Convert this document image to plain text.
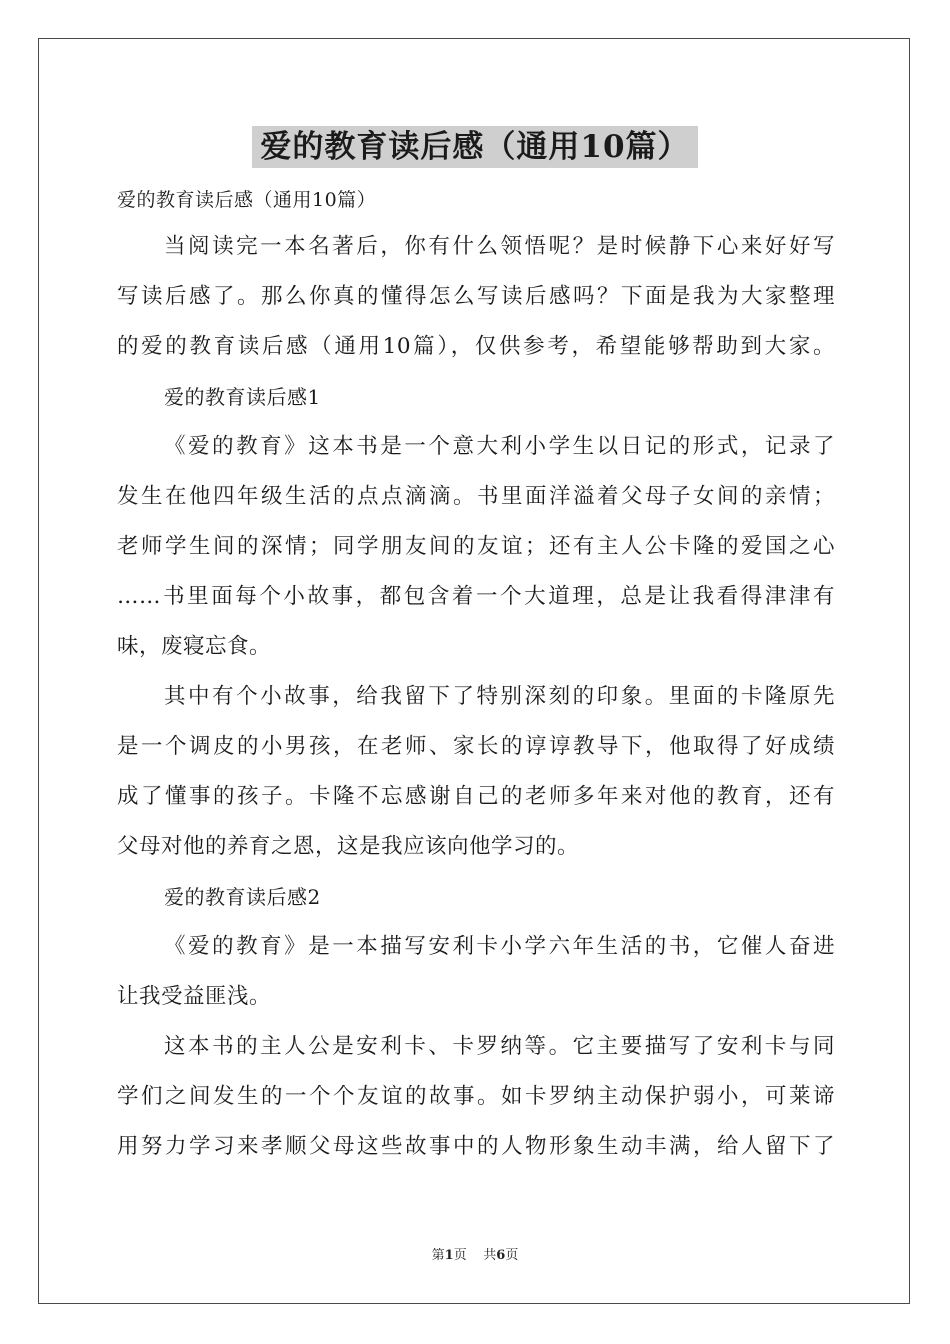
爱的教育读后感（通用10篇）
爱的教育读后感（通用10篇）
当阅读完一本名著后，你有什么领悟呢？是时候静下心来好好写
写读后感了。那么你真的懂得怎么写读后感吗？下面是我为大家整理
的爱的教育读后感（通用10篇），仅供参考，希望能够帮助到大家。
爱的教育读后感1
《爱的教育》这本书是一个意大利小学生以日记的形式，记录了
发生在他四年级生活的点点滴滴。书里面洋溢着父母子女间的亲情；
老师学生间的深情；同学朋友间的友谊；还有主人公卡隆的爱国之心
……书里面每个小故事，都包含着一个大道理，总是让我看得津津有
味，废寝忘食。
其中有个小故事，给我留下了特别深刻的印象。里面的卡隆原先
是一个调皮的小男孩，在老师、家长的谆谆教导下，他取得了好成绩
成了懂事的孩子。卡隆不忘感谢自己的老师多年来对他的教育，还有
父母对他的养育之恩，这是我应该向他学习的。
爱的教育读后感2
《爱的教育》是一本描写安利卡小学六年生活的书，它催人奋进
让我受益匪浅。
这本书的主人公是安利卡、卡罗纳等。它主要描写了安利卡与同
学们之间发生的一个个友谊的故事。如卡罗纳主动保护弱小，可莱谛
用努力学习来孝顺父母这些故事中的人物形象生动丰满，给人留下了
第1页 共6页
